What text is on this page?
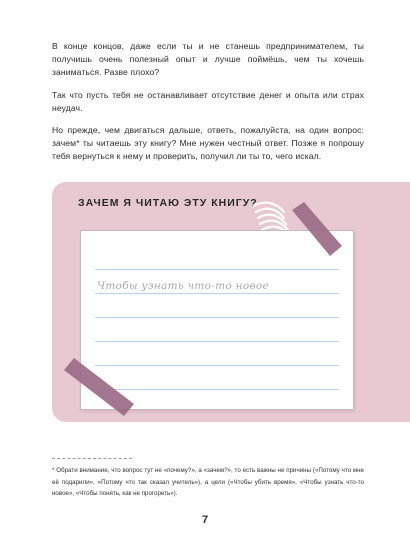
В конце концов, даже если ты и не станешь предпринимателем, ты получишь очень полезный опыт и лучше поймёшь, чем ты хочешь заниматься. Разве плохо?

Так что пусть тебя не останавливает отсутствие денег и опыта или страх неудач.

Но прежде, чем двигаться дальше, ответь, пожалуйста, на один вопрос: зачем* ты читаешь эту книгу? Мне нужен честный ответ. Позже я попрошу тебя вернуться к нему и проверить, получил ли ты то, чего искал.

ЗАЧЕМ Я ЧИТАЮ ЭТУ КНИГУ?

Чтобы узнать что-то новое

* Обрати внимание, что вопрос тут не «почему?», а «зачем?», то есть важны не причины («Потому что мне её подарили», «Потому что так сказал учитель»), а цели («Чтобы убить время», «Чтобы узнать что-то новое», «Чтобы понять, как не прогореть»).

7
